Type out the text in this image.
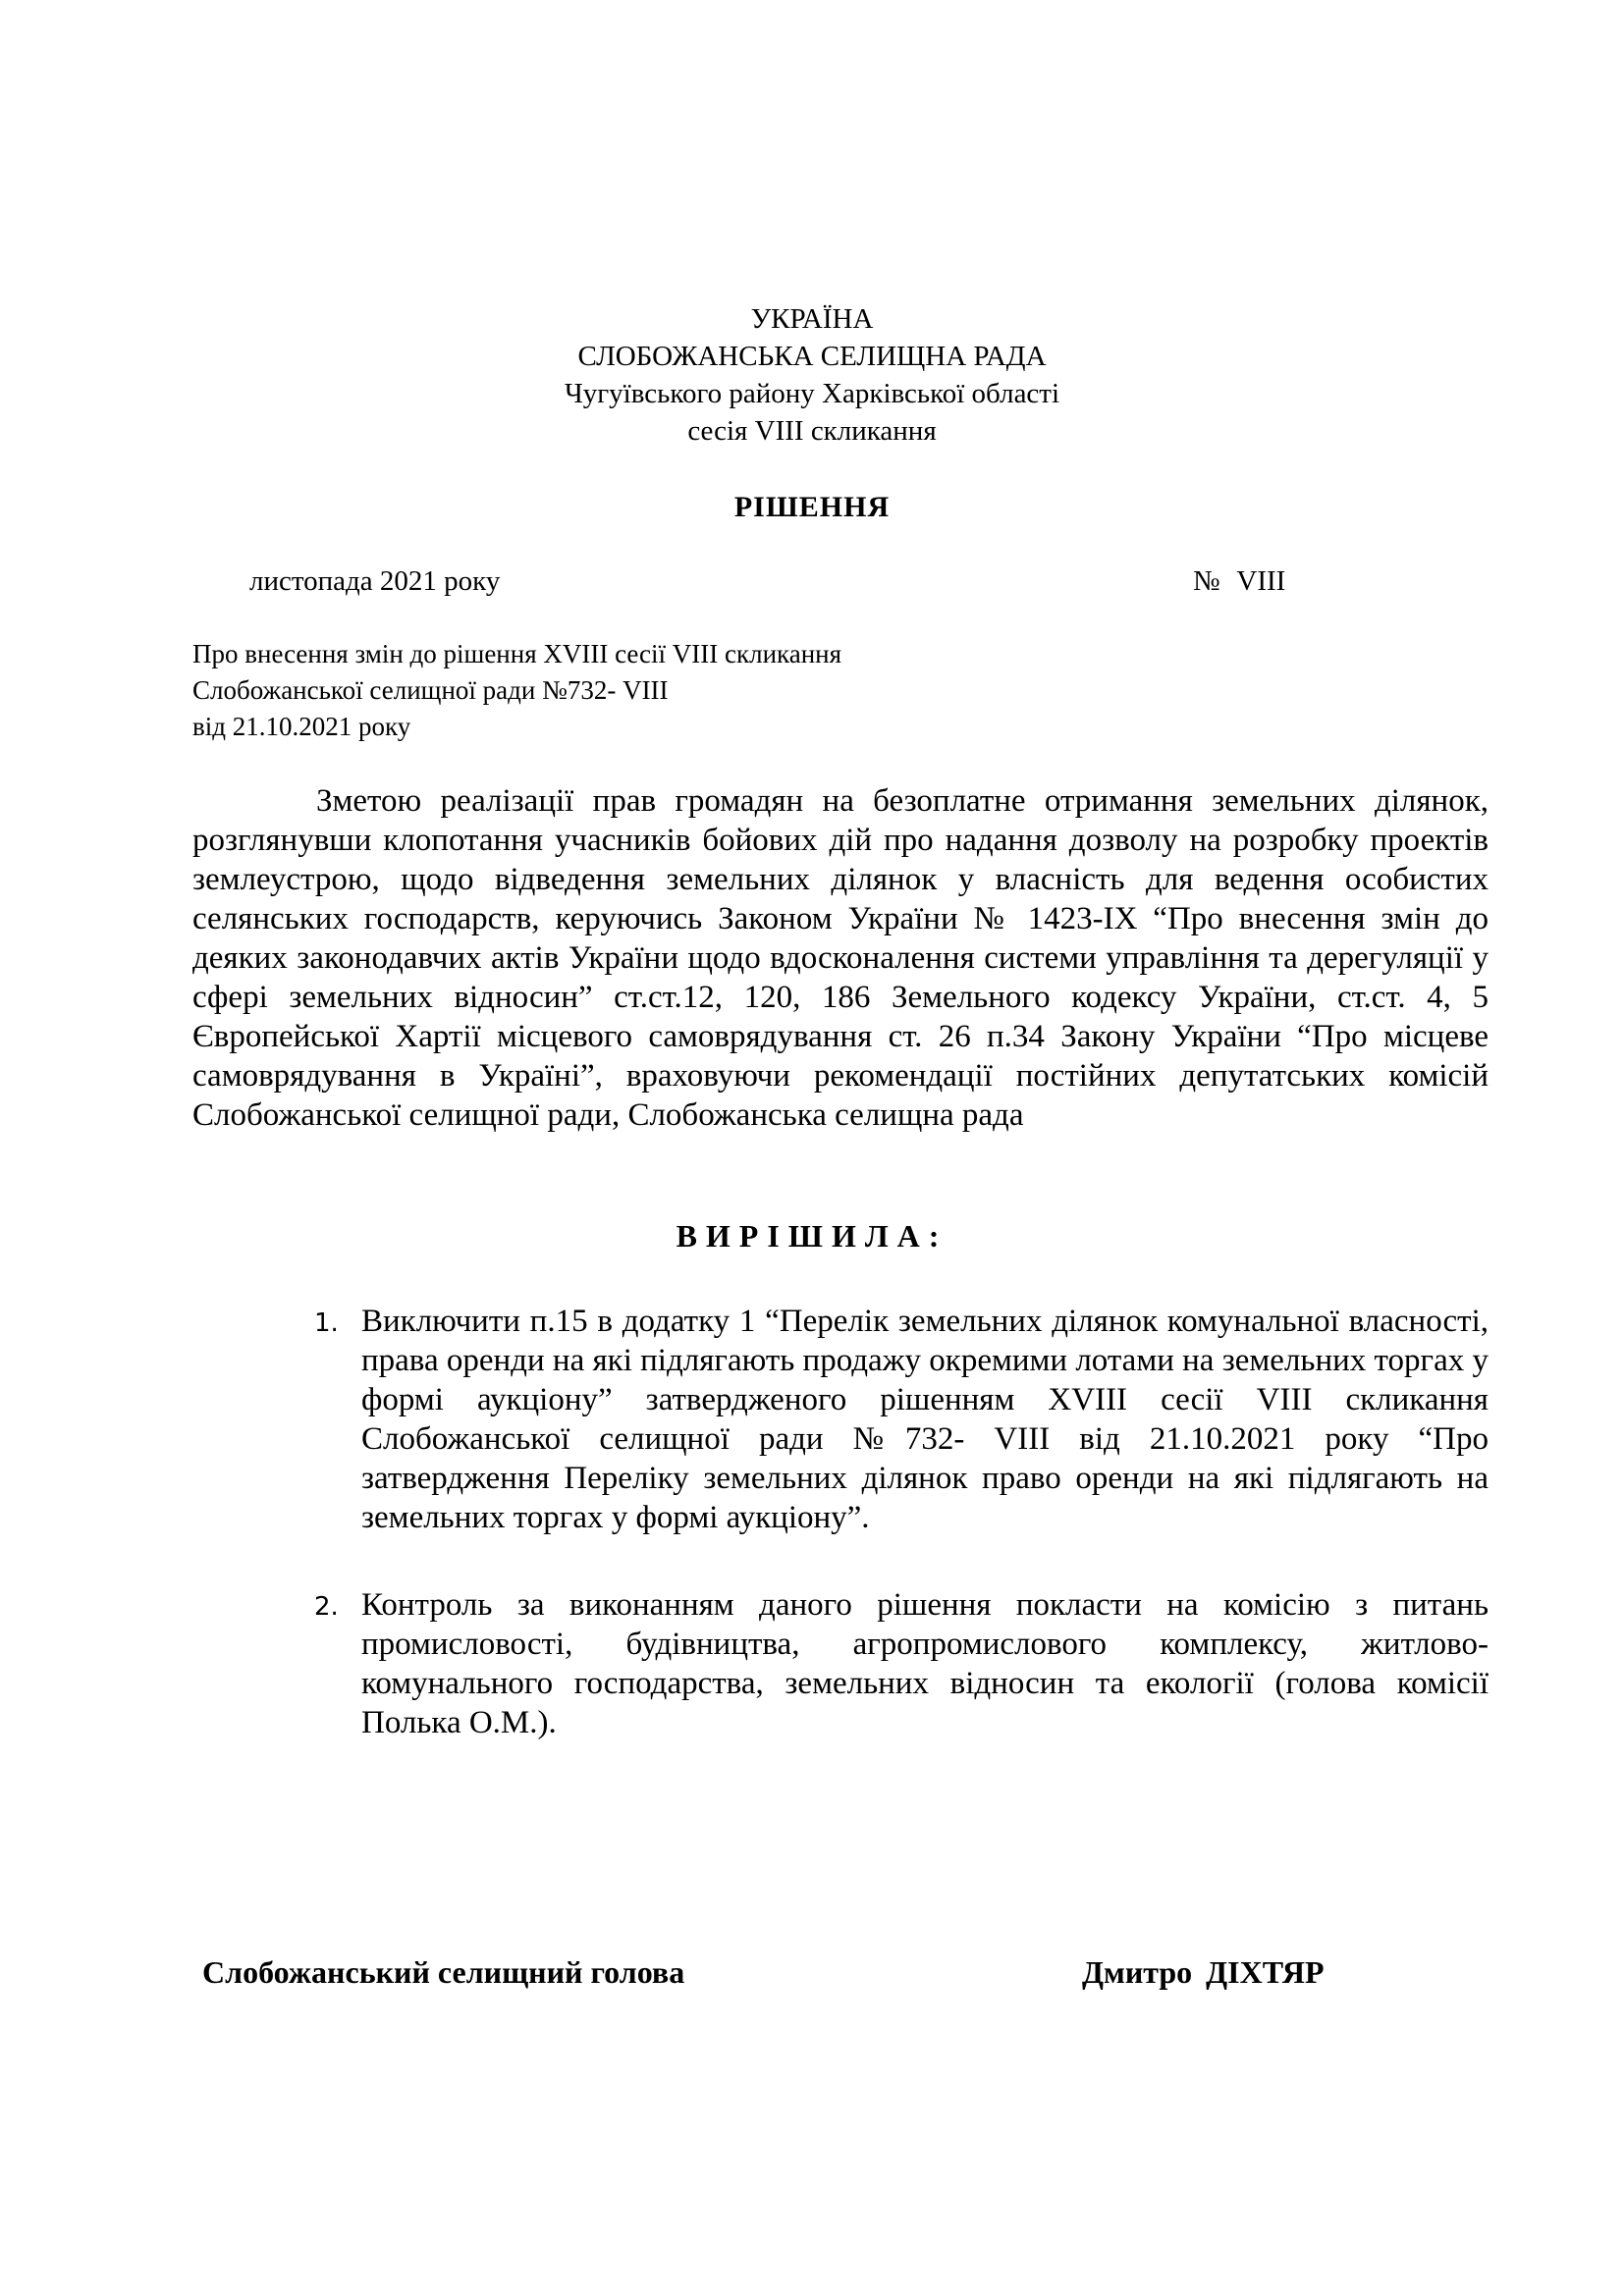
УКРАЇНА
СЛОБОЖАНСЬКА СЕЛИЩНА РАДА
Чугуївського району Харківської області
сесія VIII скликання
РІШЕННЯ
листопада 2021 року	№ VIII
Про внесення змін до рішення XVIII сесії VIII скликання
Слобожанської селищної ради №732- VIII
від 21.10.2021 року
Зметою реалізації прав громадян на безоплатне отримання земельних ділянок, розглянувши клопотання учасників бойових дій про надання дозволу на розробку проектів землеустрою, щодо відведення земельних ділянок у власність для ведення особистих селянських господарств, керуючись Законом України № 1423-IX “Про внесення змін до деяких законодавчих актів України щодо вдосконалення системи управління та дерегуляції у сфері земельних відносин” ст.ст.12, 120, 186 Земельного кодексу України, ст.ст. 4, 5 Європейської Хартії місцевого самоврядування ст. 26 п.34 Закону України “Про місцеве самоврядування в Україні”, враховуючи рекомендації постійних депутатських комісій Слобожанської селищної ради, Слобожанська селищна рада
ВИРІШИЛА:
1. Виключити п.15 в додатку 1 “Перелік земельних ділянок комунальної власності, права оренди на які підлягають продажу окремими лотами на земельних торгах у формі аукціону” затвердженого рішенням XVIII сесії VIII скликання Слобожанської селищної ради №732- VIII від 21.10.2021 року “Про затвердження Переліку земельних ділянок право оренди на які підлягають на земельних торгах у формі аукціону”.
2. Контроль за виконанням даного рішення покласти на комісію з питань промисловості, будівництва, агропромислового комплексу, житлово-комунального господарства, земельних відносин та екології (голова комісії Полька О.М.).
Слобожанський селищний голова	Дмитро ДІХТЯР
